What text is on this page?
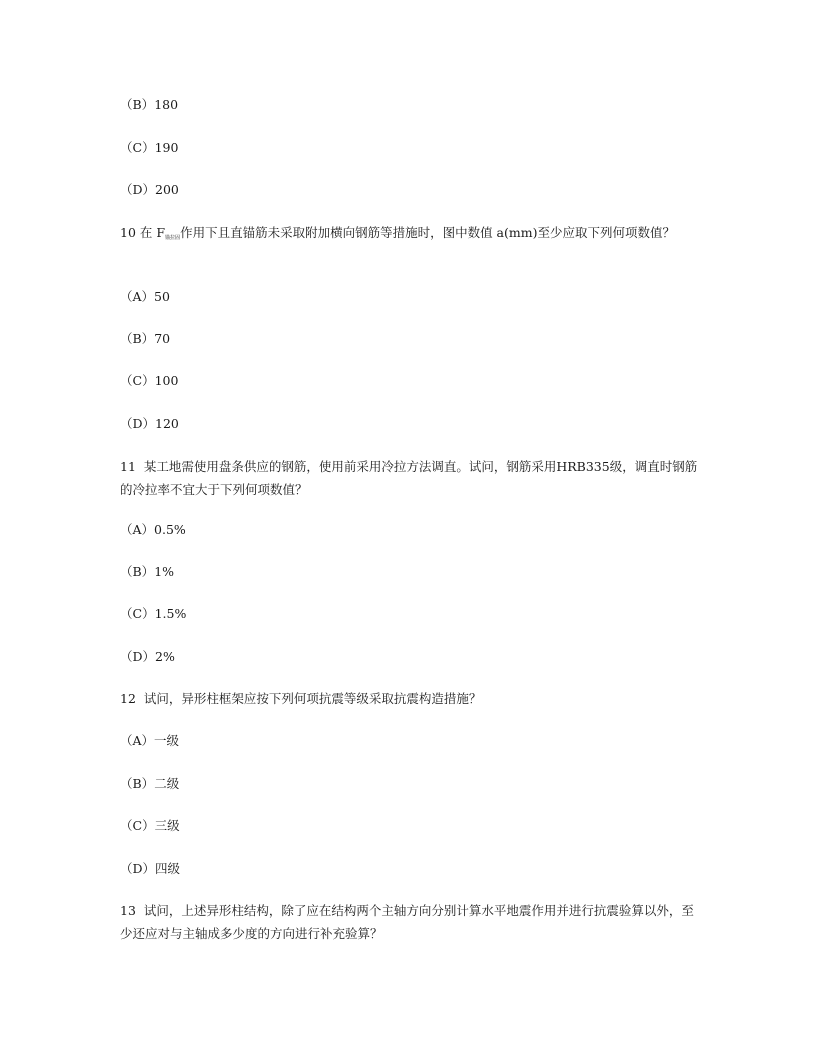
（B）180
（C）190
（D）200
10 在 $F_{锚拉固}$作用下且直锚筋未采取附加横向钢筋等措施时，图中数值 a(mm)至少应取下列何项数值？
（A）50
（B）70
（C）100
（D）120
11 某工地需使用盘条供应的钢筋，使用前采用冷拉方法调直。试问，钢筋采用HRB335级，调直时钢筋的冷拉率不宜大于下列何项数值？
（A）0.5%
（B）1%
（C）1.5%
（D）2%
12 试问，异形柱框架应按下列何项抗震等级采取抗震构造措施？
（A）一级
（B）二级
（C）三级
（D）四级
13 试问，上述异形柱结构，除了应在结构两个主轴方向分别计算水平地震作用并进行抗震验算以外，至少还应对与主轴成多少度的方向进行补充验算？
